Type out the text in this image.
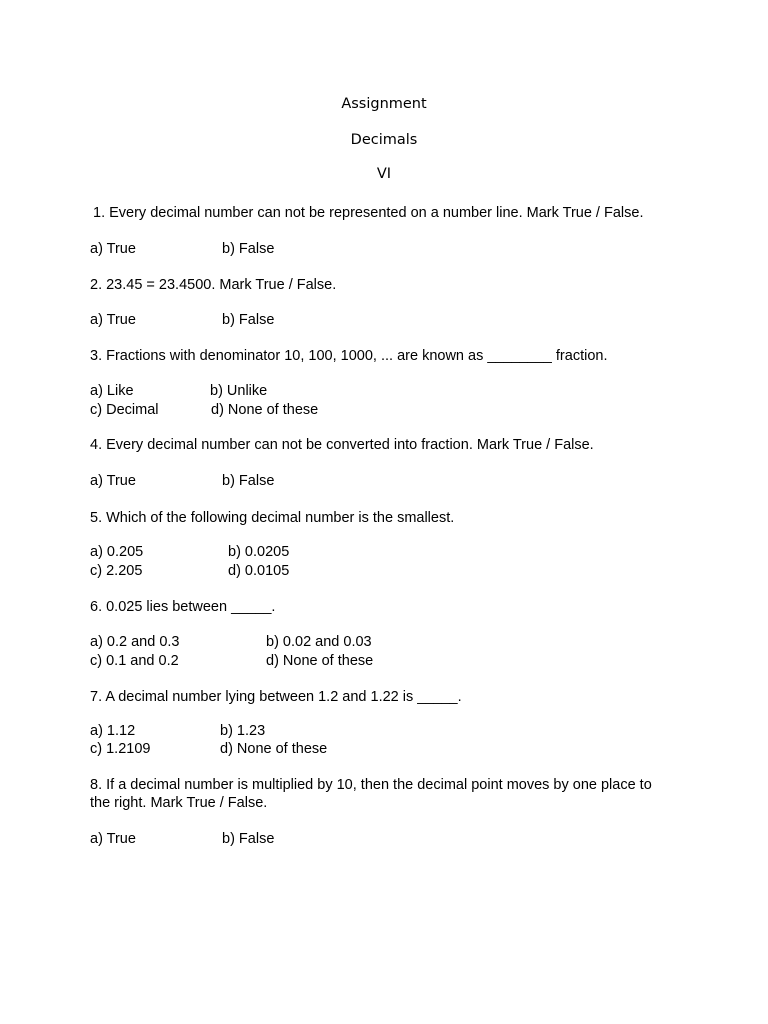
Assignment
Decimals
VI
1. Every decimal number can not be represented on a number line. Mark True / False.
a) True	b) False
2. 23.45 = 23.4500. Mark True / False.
a) True	b) False
3. Fractions with denominator 10, 100, 1000, ... are known as ________ fraction.
a) Like	b) Unlike
c) Decimal	d) None of these
4. Every decimal number can not be converted into fraction. Mark True / False.
a) True	b) False
5. Which of the following decimal number is the smallest.
a) 0.205	b) 0.0205
c) 2.205	d) 0.0105
6. 0.025 lies between _____.
a) 0.2 and 0.3	b) 0.02 and 0.03
c) 0.1 and 0.2	d) None of these
7. A decimal number lying between 1.2 and 1.22 is _____.
a) 1.12	b) 1.23
c) 1.2109	d) None of these
8. If a decimal number is multiplied by 10, then the decimal point moves by one place to
the right. Mark True / False.
a) True	b) False
